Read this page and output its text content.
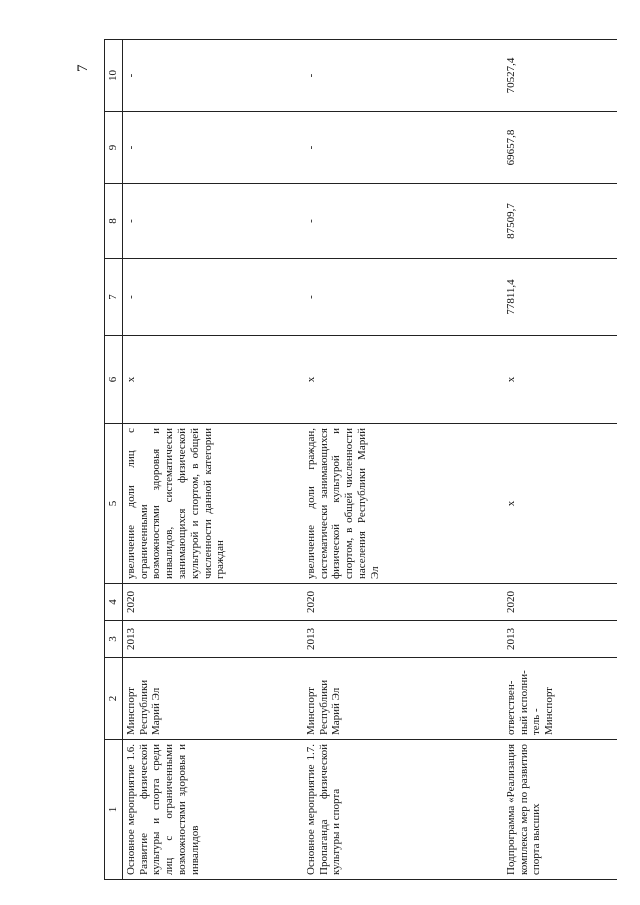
7
1	2	3	4	5	6	7	8	9	10
Основное мероприятие 1.6. Развитие физической культуры и спорта среди лиц с ограниченными возможностями здоровья и инвалидов	Минспорт Республики Марий Эл	2013	2020	увеличение доли лиц с ограниченными возможностями здоровья и инвалидов, систематически занимающихся физической культурой и спортом, в общей численности данной категории граждан	х	-	-	-	-
Основное мероприятие 1.7. Пропаганда физической культуры и спорта	Минспорт Республики Марий Эл	2013	2020	увеличение доли граждан, систематически занимающихся физической культурой и спортом, в общей численности населения Республики Марий Эл	х	-	-	-	-
Подпрограмма «Реализация комплекса мер по развитию спорта высших	ответствен-ный исполни-тель - Минспорт	2013	2020	х	х	77811,4	87509,7	69657,8	70527,4
